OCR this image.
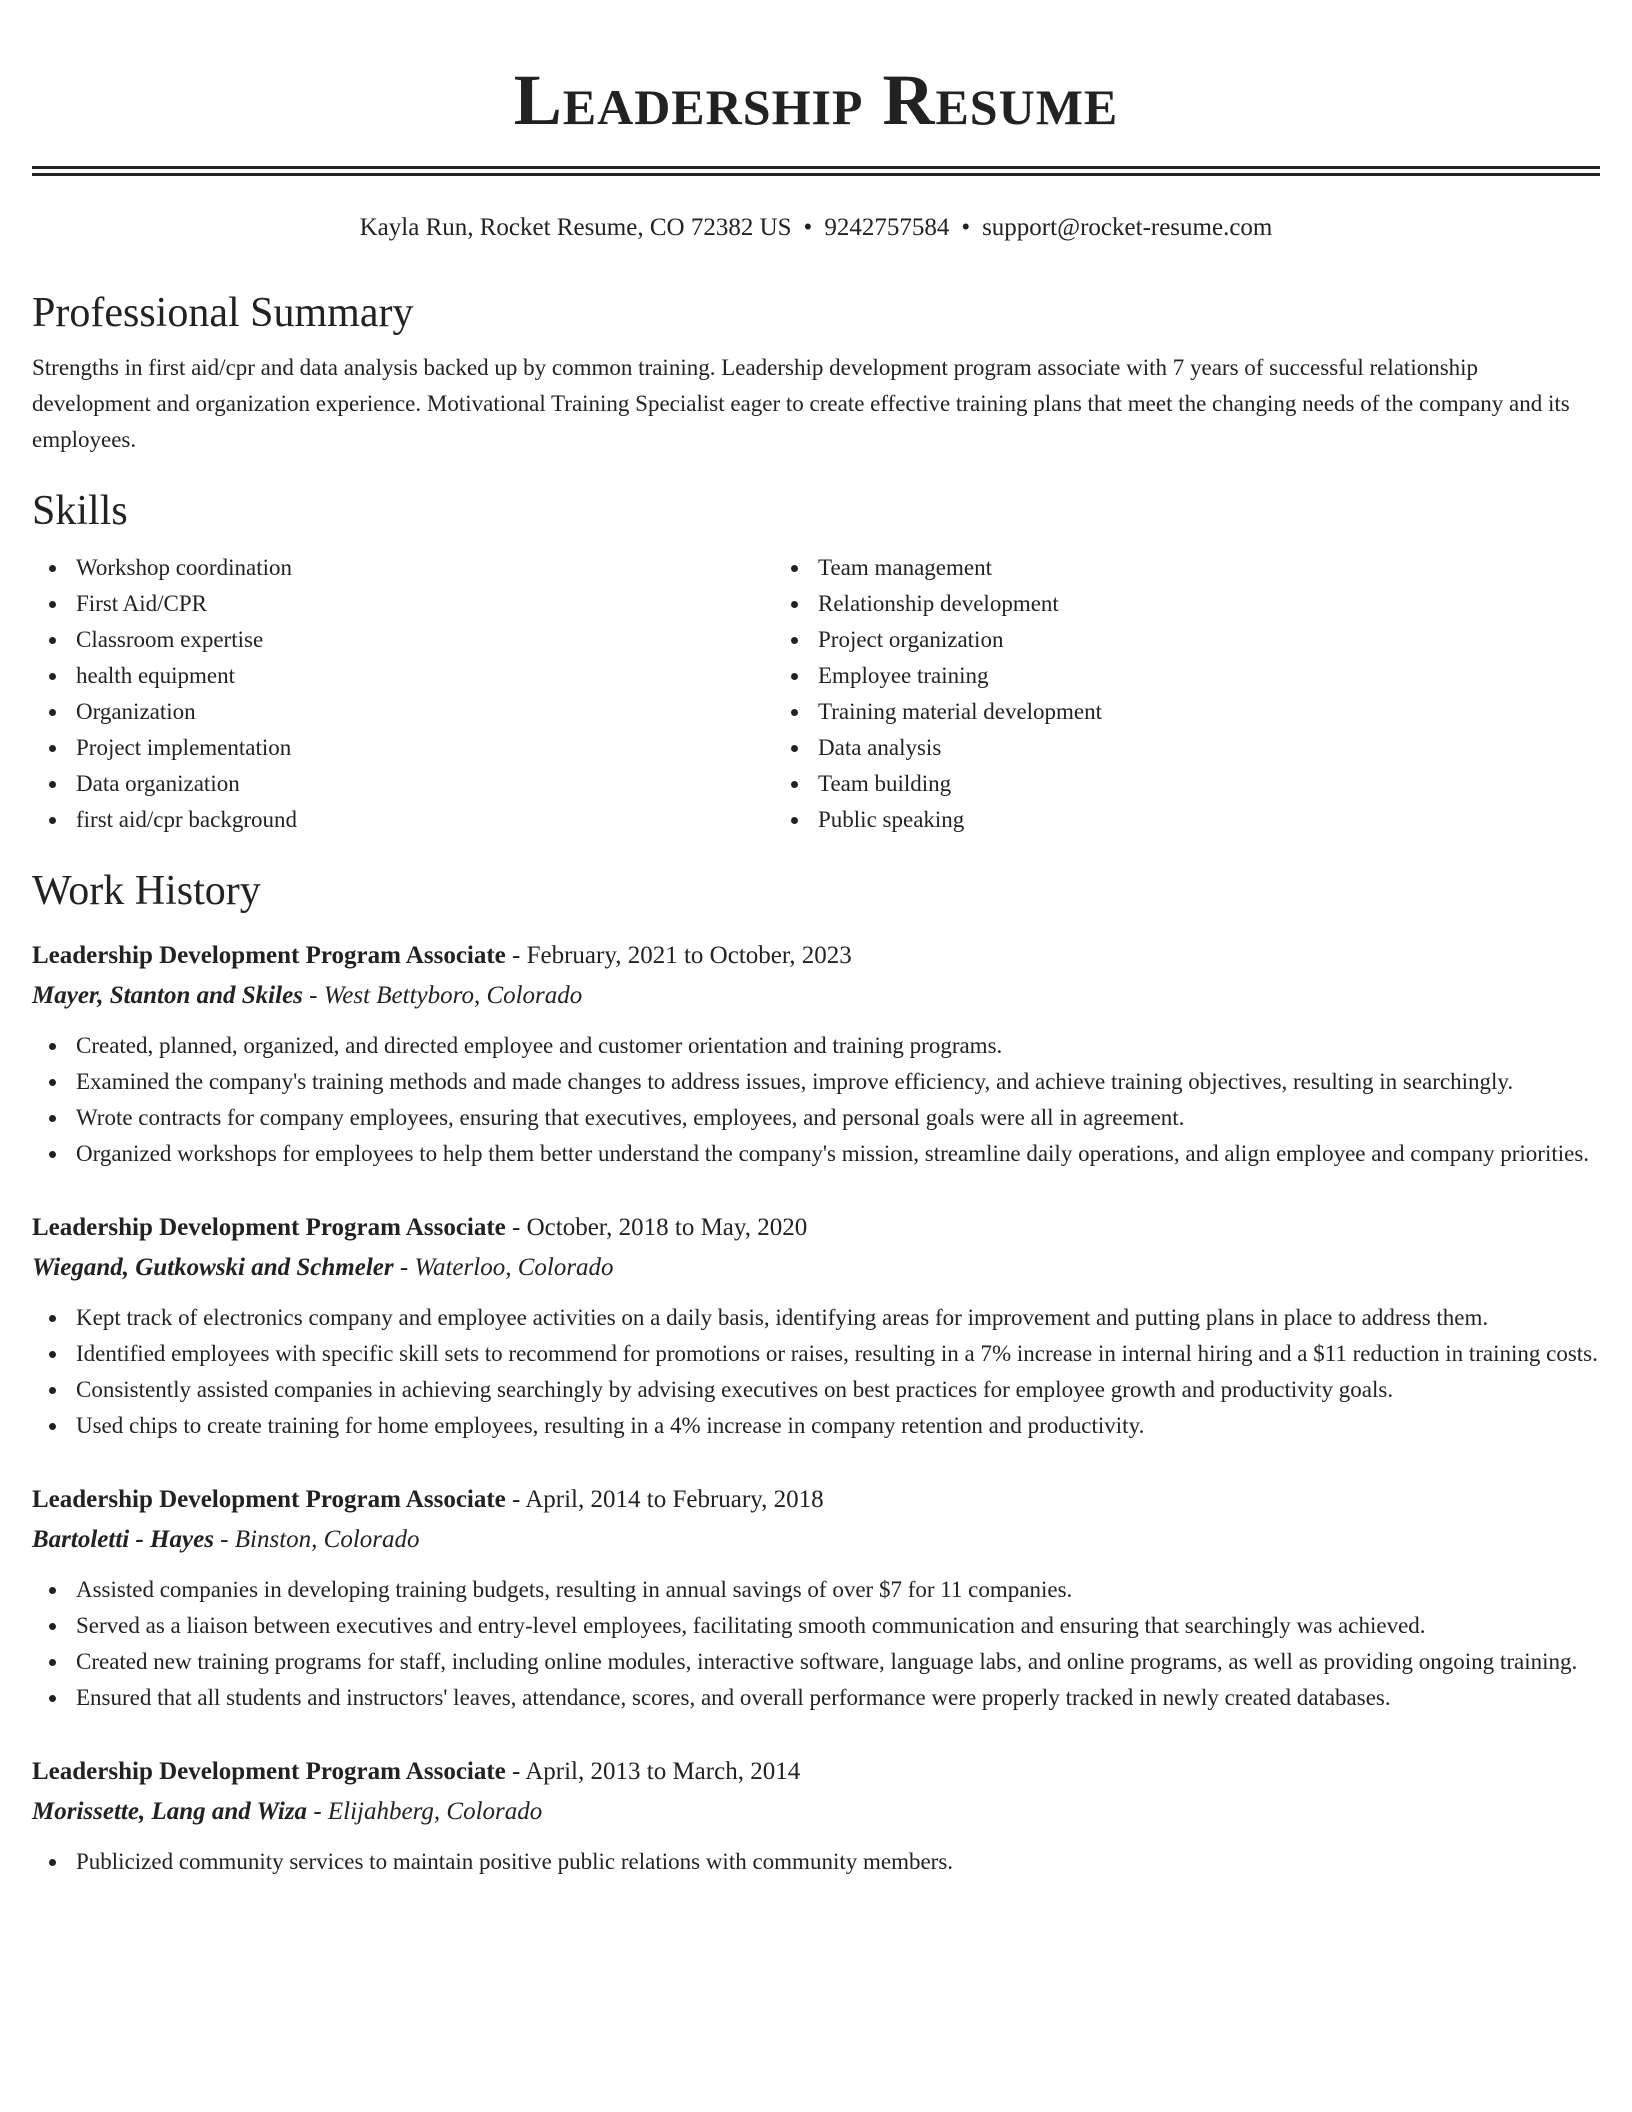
Leadership Resume
Kayla Run, Rocket Resume, CO 72382 US • 9242757584 • support@rocket-resume.com
Professional Summary
Strengths in first aid/cpr and data analysis backed up by common training. Leadership development program associate with 7 years of successful relationship development and organization experience. Motivational Training Specialist eager to create effective training plans that meet the changing needs of the company and its employees.
Skills
Workshop coordination
First Aid/CPR
Classroom expertise
health equipment
Organization
Project implementation
Data organization
first aid/cpr background
Team management
Relationship development
Project organization
Employee training
Training material development
Data analysis
Team building
Public speaking
Work History
Leadership Development Program Associate - February, 2021 to October, 2023
Mayer, Stanton and Skiles - West Bettyboro, Colorado
Created, planned, organized, and directed employee and customer orientation and training programs.
Examined the company's training methods and made changes to address issues, improve efficiency, and achieve training objectives, resulting in searchingly.
Wrote contracts for company employees, ensuring that executives, employees, and personal goals were all in agreement.
Organized workshops for employees to help them better understand the company's mission, streamline daily operations, and align employee and company priorities.
Leadership Development Program Associate - October, 2018 to May, 2020
Wiegand, Gutkowski and Schmeler - Waterloo, Colorado
Kept track of electronics company and employee activities on a daily basis, identifying areas for improvement and putting plans in place to address them.
Identified employees with specific skill sets to recommend for promotions or raises, resulting in a 7% increase in internal hiring and a $11 reduction in training costs.
Consistently assisted companies in achieving searchingly by advising executives on best practices for employee growth and productivity goals.
Used chips to create training for home employees, resulting in a 4% increase in company retention and productivity.
Leadership Development Program Associate - April, 2014 to February, 2018
Bartoletti - Hayes - Binston, Colorado
Assisted companies in developing training budgets, resulting in annual savings of over $7 for 11 companies.
Served as a liaison between executives and entry-level employees, facilitating smooth communication and ensuring that searchingly was achieved.
Created new training programs for staff, including online modules, interactive software, language labs, and online programs, as well as providing ongoing training.
Ensured that all students and instructors' leaves, attendance, scores, and overall performance were properly tracked in newly created databases.
Leadership Development Program Associate - April, 2013 to March, 2014
Morissette, Lang and Wiza - Elijahberg, Colorado
Publicized community services to maintain positive public relations with community members.
